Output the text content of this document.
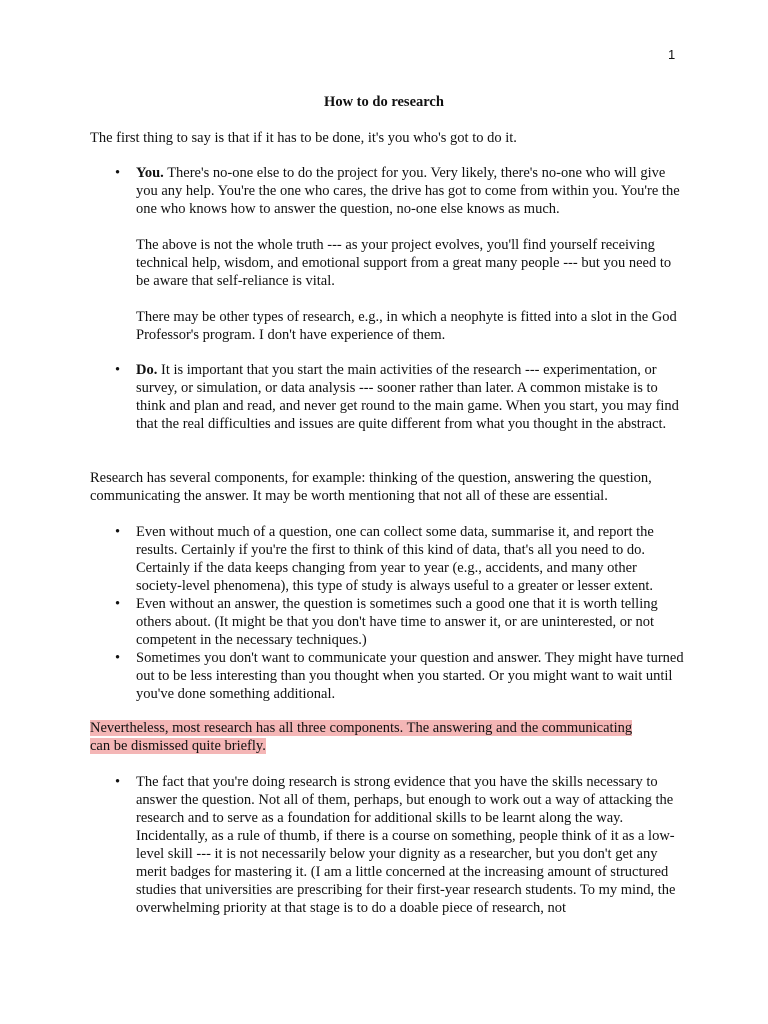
1
How to do research
The first thing to say is that if it has to be done, it's you who's got to do it.
• You. There's no-one else to do the project for you. Very likely, there's no-one who will give you any help. You're the one who cares, the drive has got to come from within you. You're the one who knows how to answer the question, no-one else knows as much.

The above is not the whole truth --- as your project evolves, you'll find yourself receiving technical help, wisdom, and emotional support from a great many people --- but you need to be aware that self-reliance is vital.

There may be other types of research, e.g., in which a neophyte is fitted into a slot in the God Professor's program. I don't have experience of them.

• Do. It is important that you start the main activities of the research --- experimentation, or survey, or simulation, or data analysis --- sooner rather than later. A common mistake is to think and plan and read, and never get round to the main game. When you start, you may find that the real difficulties and issues are quite different from what you thought in the abstract.

Research has several components, for example: thinking of the question, answering the question, communicating the answer. It may be worth mentioning that not all of these are essential.
• Even without much of a question, one can collect some data, summarise it, and report the results. Certainly if you're the first to think of this kind of data, that's all you need to do. Certainly if the data keeps changing from year to year (e.g., accidents, and many other society-level phenomena), this type of study is always useful to a greater or lesser extent.
• Even without an answer, the question is sometimes such a good one that it is worth telling others about. (It might be that you don't have time to answer it, or are uninterested, or not competent in the necessary techniques.)
• Sometimes you don't want to communicate your question and answer. They might have turned out to be less interesting than you thought when you started. Or you might want to wait until you've done something additional.
Nevertheless, most research has all three components. The answering and the communicating
can be dismissed quite briefly.
• The fact that you're doing research is strong evidence that you have the skills necessary to answer the question. Not all of them, perhaps, but enough to work out a way of attacking the research and to serve as a foundation for additional skills to be learnt along the way. Incidentally, as a rule of thumb, if there is a course on something, people think of it as a low-level skill --- it is not necessarily below your dignity as a researcher, but you don't get any merit badges for mastering it. (I am a little concerned at the increasing amount of structured studies that universities are prescribing for their first-year research students. To my mind, the overwhelming priority at that stage is to do a doable piece of research, not
